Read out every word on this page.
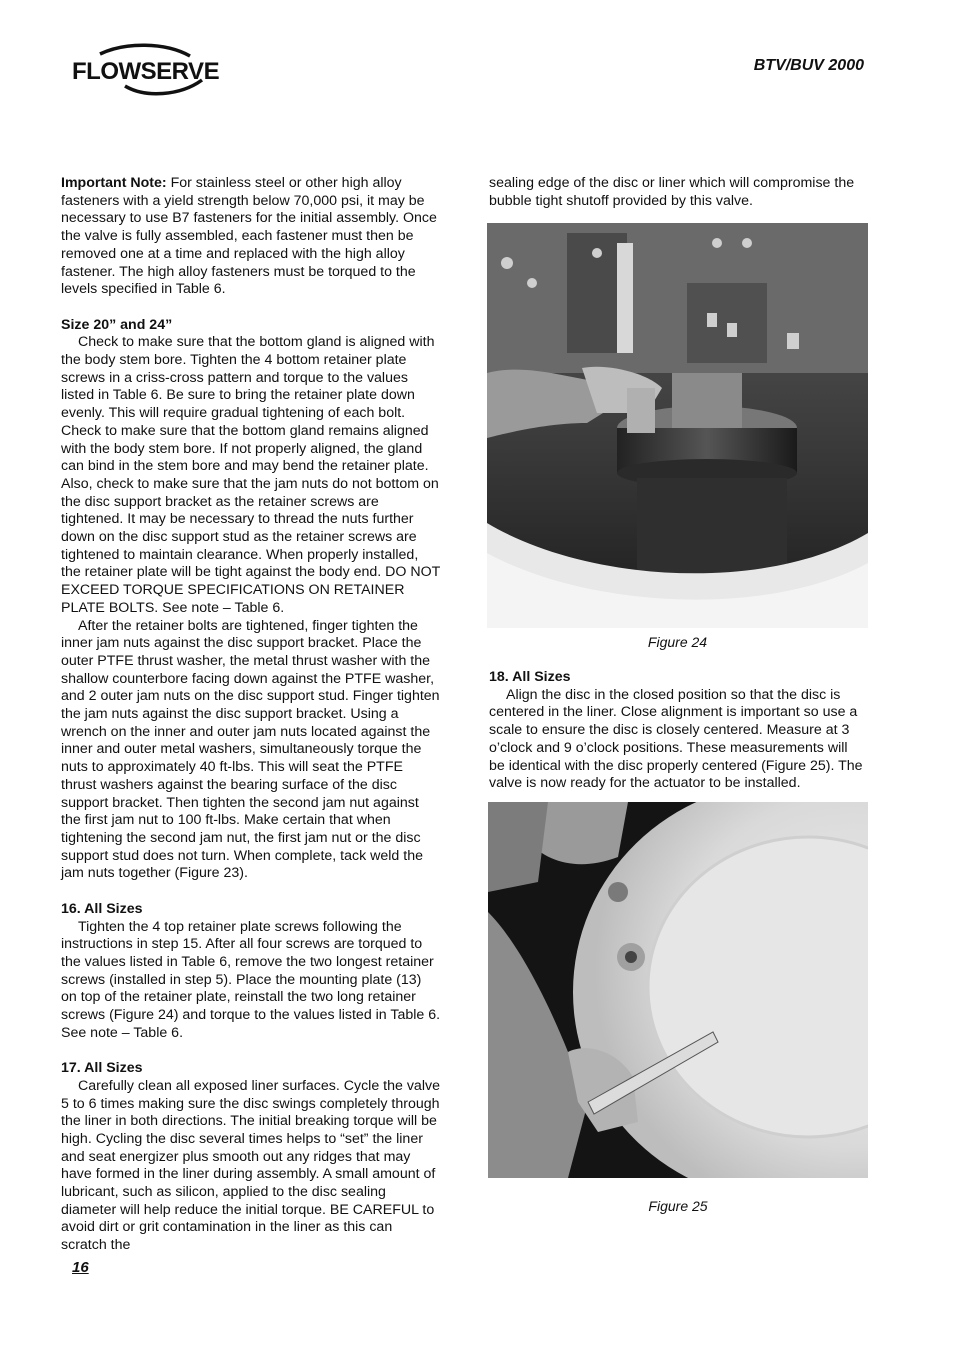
FLOWSERVE	BTV/BUV 2000

Important Note: For stainless steel or other high alloy fasteners with a yield strength below 70,000 psi, it may be necessary to use B7 fasteners for the initial assembly. Once the valve is fully assembled, each fastener must then be removed one at a time and replaced with the high alloy fastener. The high alloy fasteners must be torqued to the levels specified in Table 6.

Size 20” and 24”

Check to make sure that the bottom gland is aligned with the body stem bore. Tighten the 4 bottom retainer plate screws in a criss-cross pattern and torque to the values listed in Table 6. Be sure to bring the retainer plate down evenly. This will require gradual tightening of each bolt. Check to make sure that the bottom gland remains aligned with the body stem bore. If not properly aligned, the gland can bind in the stem bore and may bend the retainer plate. Also, check to make sure that the jam nuts do not bottom on the disc support bracket as the retainer screws are tightened. It may be necessary to thread the nuts further down on the disc support stud as the retainer screws are tightened to maintain clearance. When properly installed, the retainer plate will be tight against the body end. DO NOT EXCEED TORQUE SPECIFICATIONS ON RETAINER PLATE BOLTS. See note – Table 6.

After the retainer bolts are tightened, finger tighten the inner jam nuts against the disc support bracket. Place the outer PTFE thrust washer, the metal thrust washer with the shallow counterbore facing down against the PTFE washer, and 2 outer jam nuts on the disc support stud. Finger tighten the jam nuts against the disc support bracket. Using a wrench on the inner and outer jam nuts located against the inner and outer metal washers, simultaneously torque the nuts to approximately 40 ft-lbs. This will seat the PTFE thrust washers against the bearing surface of the disc support bracket. Then tighten the second jam nut against the first jam nut to 100 ft-lbs. Make certain that when tightening the second jam nut, the first jam nut or the disc support stud does not turn. When complete, tack weld the jam nuts together (Figure 23).

16. All Sizes

Tighten the 4 top retainer plate screws following the instructions in step 15. After all four screws are torqued to the values listed in Table 6, remove the two longest retainer screws (installed in step 5). Place the mounting plate (13) on top of the retainer plate, reinstall the two long retainer screws (Figure 24) and torque to the values listed in Table 6. See note – Table 6.

17. All Sizes

Carefully clean all exposed liner surfaces. Cycle the valve 5 to 6 times making sure the disc swings completely through the liner in both directions. The initial breaking torque will be high. Cycling the disc several times helps to “set” the liner and seat energizer plus smooth out any ridges that may have formed in the liner during assembly. A small amount of lubricant, such as silicon, applied to the disc sealing diameter will help reduce the initial torque. BE CAREFUL to avoid dirt or grit contamination in the liner as this can scratch the

sealing edge of the disc or liner which will compromise the bubble tight shutoff provided by this valve.

Figure 24

18. All Sizes

Align the disc in the closed position so that the disc is centered in the liner. Close alignment is important so use a scale to ensure the disc is closely centered. Measure at 3 o’clock and 9 o’clock positions. These measurements will be identical with the disc properly centered (Figure 25). The valve is now ready for the actuator to be installed.

Figure 25
16
